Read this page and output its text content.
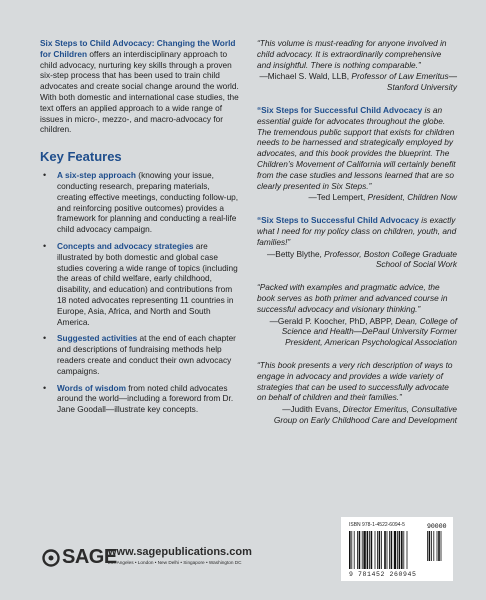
Six Steps to Child Advocacy: Changing the World for Children offers an interdisciplinary approach to child advocacy, nurturing key skills through a proven six-step process that has been used to train child advocates and create social change around the world. With both domestic and international case studies, the text offers an applied approach to a wide range of issues in micro-, mezzo-, and macro-advocacy for children.

Key Features
• A six-step approach (knowing your issue, conducting research, preparing materials, creating effective meetings, conducting follow-up, and reinforcing positive outcomes) provides a framework for planning and conducting a real-life child advocacy campaign.
• Concepts and advocacy strategies are illustrated by both domestic and global case studies covering a wide range of topics (including the areas of child welfare, early childhood, disability, and education) and contributions from 18 noted advocates representing 11 countries in Europe, Asia, Africa, and North and South America.
• Suggested activities at the end of each chapter and descriptions of fundraising methods help readers create and conduct their own advocacy campaigns.
• Words of wisdom from noted child advocates around the world—including a foreword from Dr. Jane Goodall—illustrate key concepts.
“This volume is must-reading for anyone involved in child advocacy. It is extraordinarily comprehensive and insightful. There is nothing comparable.”
—Michael S. Wald, LLB, Professor of Law Emeritus—Stanford University
“Six Steps for Successful Child Advocacy is an essential guide for advocates throughout the globe. The tremendous public support that exists for children needs to be harnessed and strategically employed by advocates, and this book provides the blueprint. The Children’s Movement of California will certainly benefit from the case studies and lessons learned that are so clearly presented in Six Steps.”
—Ted Lempert, President, Children Now
“Six Steps to Successful Child Advocacy is exactly what I need for my policy class on children, youth, and families!”
—Betty Blythe, Professor, Boston College Graduate School of Social Work
“Packed with examples and pragmatic advice, the book serves as both primer and advanced course in successful advocacy and visionary thinking.”
—Gerald P. Koocher, PhD, ABPP, Dean, College of Science and Health—DePaul University Former President, American Psychological Association
“This book presents a very rich description of ways to engage in advocacy and provides a wide variety of strategies that can be used to successfully advocate on behalf of children and their families.”
—Judith Evans, Director Emeritus, Consultative Group on Early Childhood Care and Development
SAGE
www.sagepublications.com
Los Angeles • London • New Delhi • Singapore • Washington DC
ISBN 978-1-4522-6094-5	90000
9 781452 260945
